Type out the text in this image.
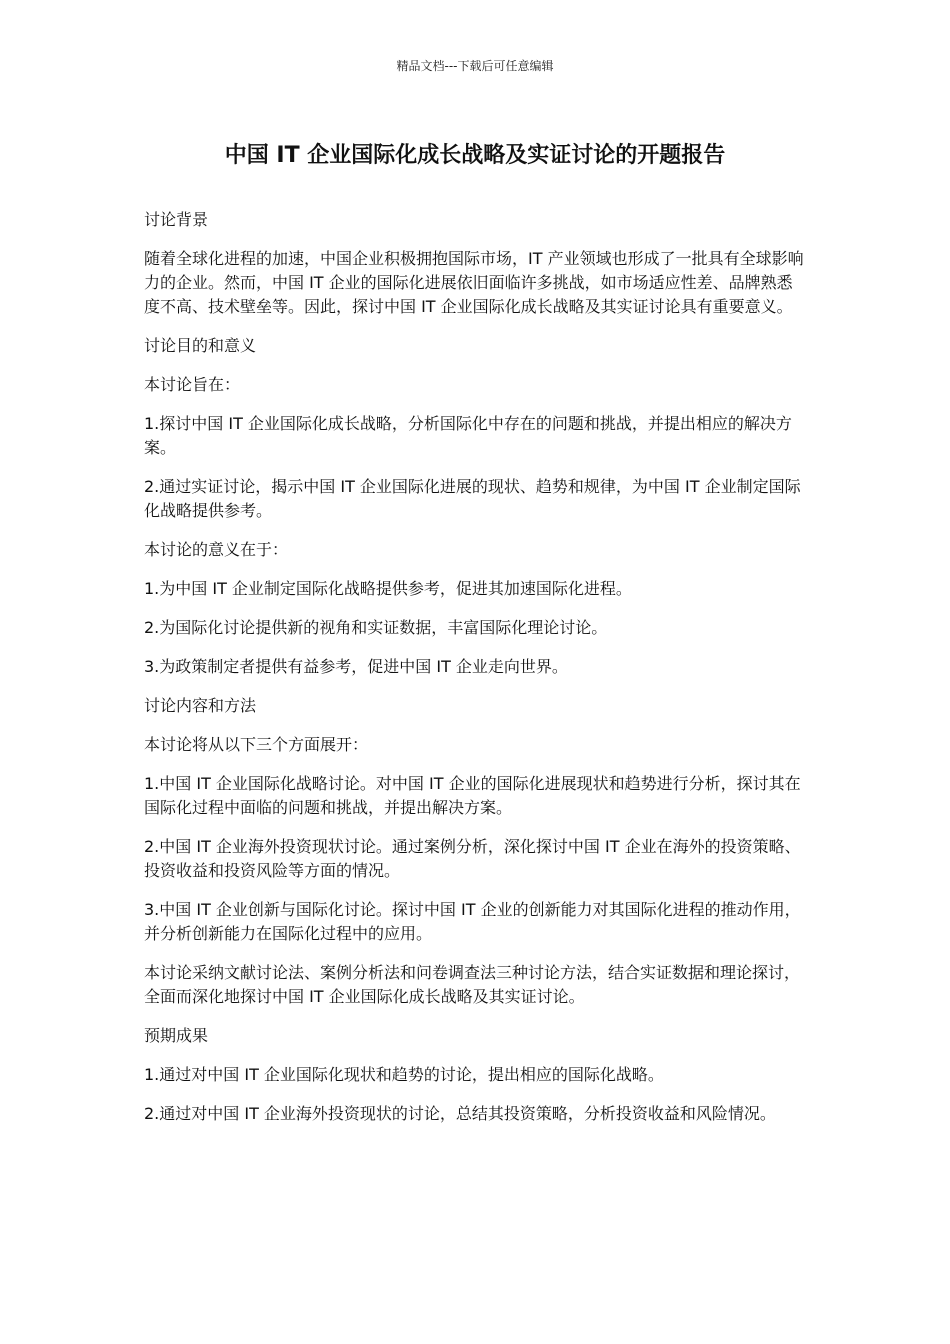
精品文档---下载后可任意编辑
中国 IT 企业国际化成长战略及实证讨论的开题报告

讨论背景

随着全球化进程的加速，中国企业积极拥抱国际市场，IT 产业领域也形成了一批具有全球影响力的企业。然而，中国 IT 企业的国际化进展依旧面临许多挑战，如市场适应性差、品牌熟悉度不高、技术壁垒等。因此，探讨中国 IT 企业国际化成长战略及其实证讨论具有重要意义。

讨论目的和意义

本讨论旨在：

1.探讨中国 IT 企业国际化成长战略，分析国际化中存在的问题和挑战，并提出相应的解决方案。

2.通过实证讨论，揭示中国 IT 企业国际化进展的现状、趋势和规律，为中国 IT 企业制定国际化战略提供参考。

本讨论的意义在于：

1.为中国 IT 企业制定国际化战略提供参考，促进其加速国际化进程。

2.为国际化讨论提供新的视角和实证数据，丰富国际化理论讨论。

3.为政策制定者提供有益参考，促进中国 IT 企业走向世界。

讨论内容和方法

本讨论将从以下三个方面展开：

1.中国 IT 企业国际化战略讨论。对中国 IT 企业的国际化进展现状和趋势进行分析，探讨其在国际化过程中面临的问题和挑战，并提出解决方案。

2.中国 IT 企业海外投资现状讨论。通过案例分析，深化探讨中国 IT 企业在海外的投资策略、投资收益和投资风险等方面的情况。

3.中国 IT 企业创新与国际化讨论。探讨中国 IT 企业的创新能力对其国际化进程的推动作用，并分析创新能力在国际化过程中的应用。

本讨论采纳文献讨论法、案例分析法和问卷调查法三种讨论方法，结合实证数据和理论探讨，全面而深化地探讨中国 IT 企业国际化成长战略及其实证讨论。

预期成果

1.通过对中国 IT 企业国际化现状和趋势的讨论，提出相应的国际化战略。

2.通过对中国 IT 企业海外投资现状的讨论，总结其投资策略，分析投资收益和风险情况。
